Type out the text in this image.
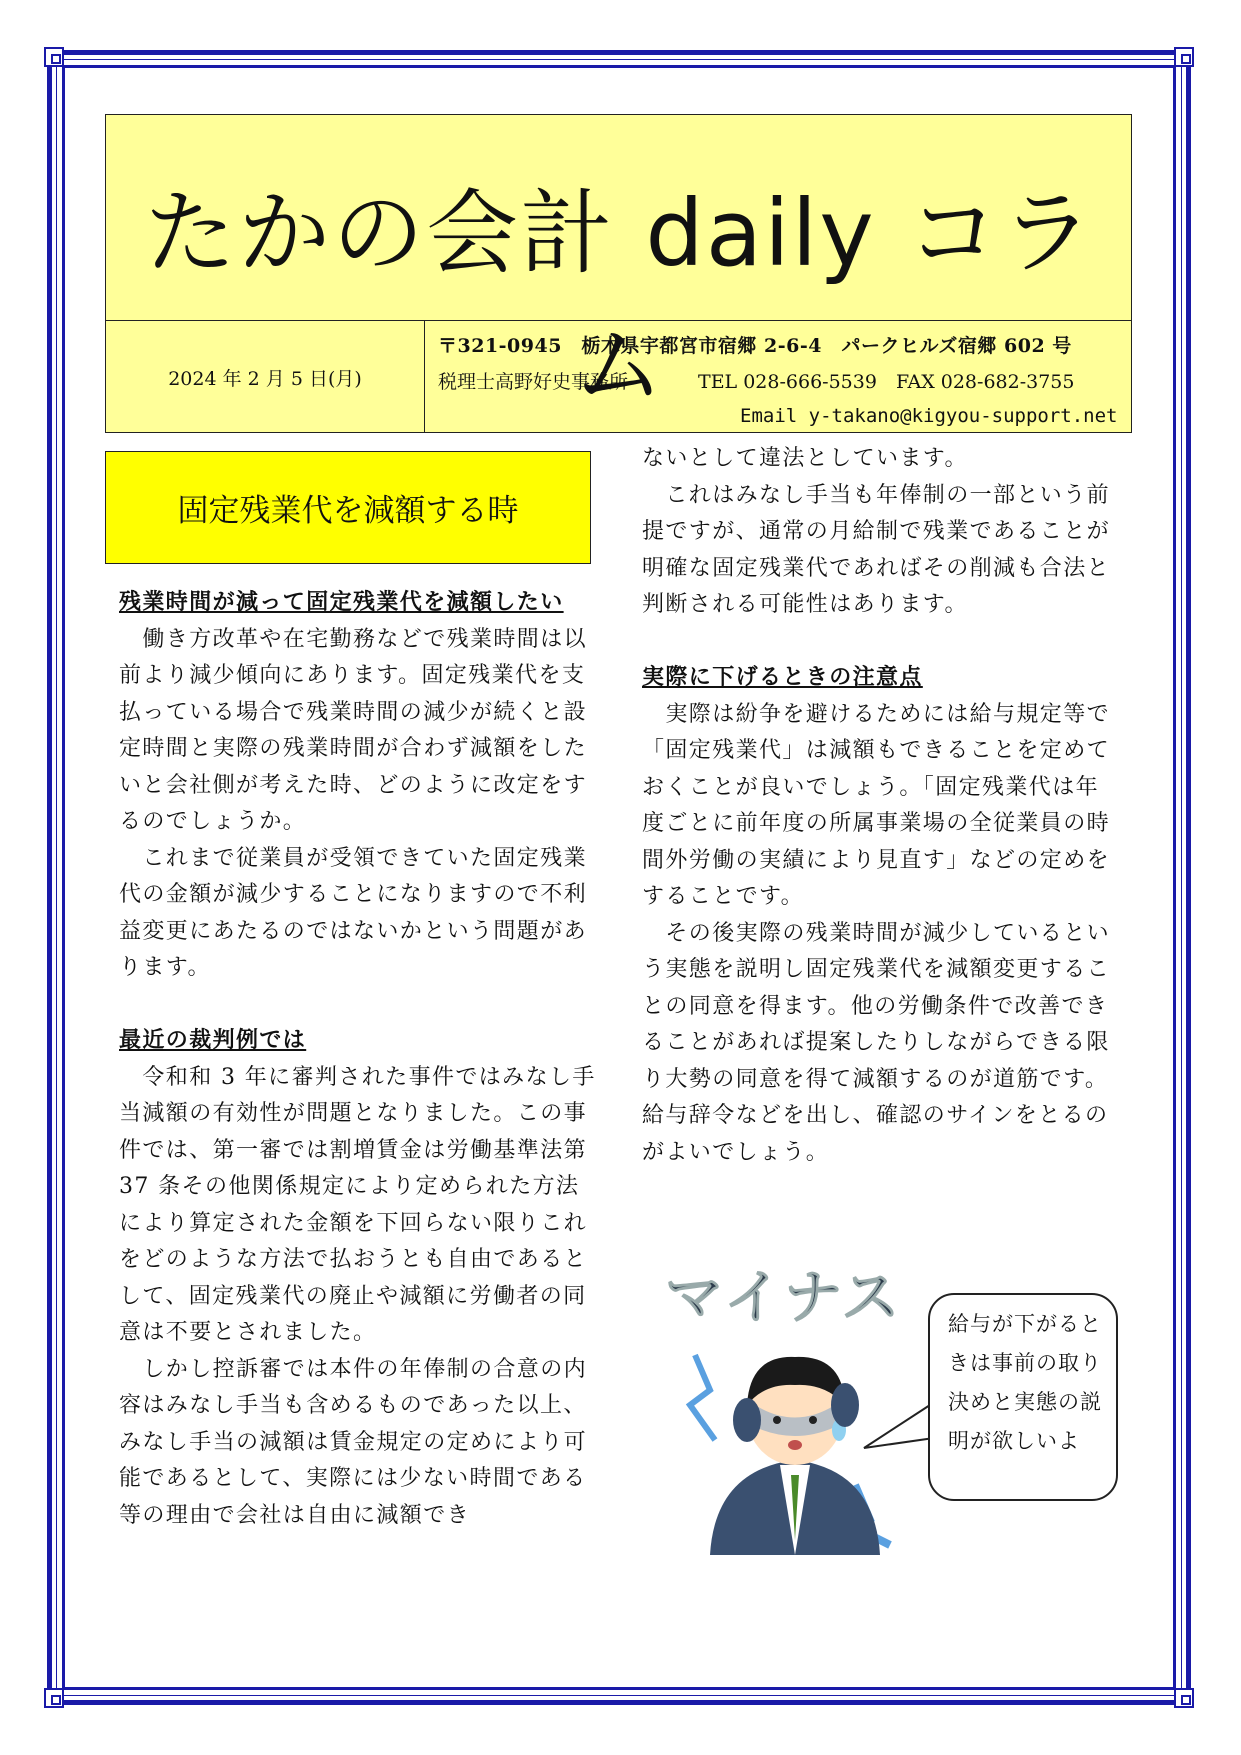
たかの会計 daily コラム
2024 年 2 月 5 日(月)
〒321-0945　栃木県宇都宮市宿郷 2-6-4　パークヒルズ宿郷 602 号
税理士高野好史事務所	TEL 028-666-5539　FAX 028-682-3755
Email y-takano@kigyou-support.net
固定残業代を減額する時

残業時間が減って固定残業代を減額したい

　働き方改革や在宅勤務などで残業時間は以前より減少傾向にあります。固定残業代を支払っている場合で残業時間の減少が続くと設定時間と実際の残業時間が合わず減額をしたいと会社側が考えた時、どのように改定をするのでしょうか。

　これまで従業員が受領できていた固定残業代の金額が減少することになりますので不利益変更にあたるのではないかという問題があります。

最近の裁判例では

　令和和 3 年に審判された事件ではみなし手当減額の有効性が問題となりました。この事件では、第一審では割増賃金は労働基準法第 37 条その他関係規定により定められた方法により算定された金額を下回らない限りこれをどのような方法で払おうとも自由であるとして、固定残業代の廃止や減額に労働者の同意は不要とされました。

　しかし控訴審では本件の年俸制の合意の内容はみなし手当も含めるものであった以上、みなし手当の減額は賃金規定の定めにより可能であるとして、実際には少ない時間である等の理由で会社は自由に減額でき

ないとして違法としています。

　これはみなし手当も年俸制の一部という前提ですが、通常の月給制で残業であることが明確な固定残業代であればその削減も合法と判断される可能性はあります。

実際に下げるときの注意点

　実際は紛争を避けるためには給与規定等で「固定残業代」は減額もできることを定めておくことが良いでしょう。「固定残業代は年度ごとに前年度の所属事業場の全従業員の時間外労働の実績により見直す」などの定めをすることです。

　その後実際の残業時間が減少しているという実態を説明し固定残業代を減額変更することの同意を得ます。他の労働条件で改善できることがあれば提案したりしながらできる限り大勢の同意を得て減額するのが道筋です。給与辞令などを出し、確認のサインをとるのがよいでしょう。

マイナス	給与が下がるときは事前の取り決めと実態の説明が欲しいよ
